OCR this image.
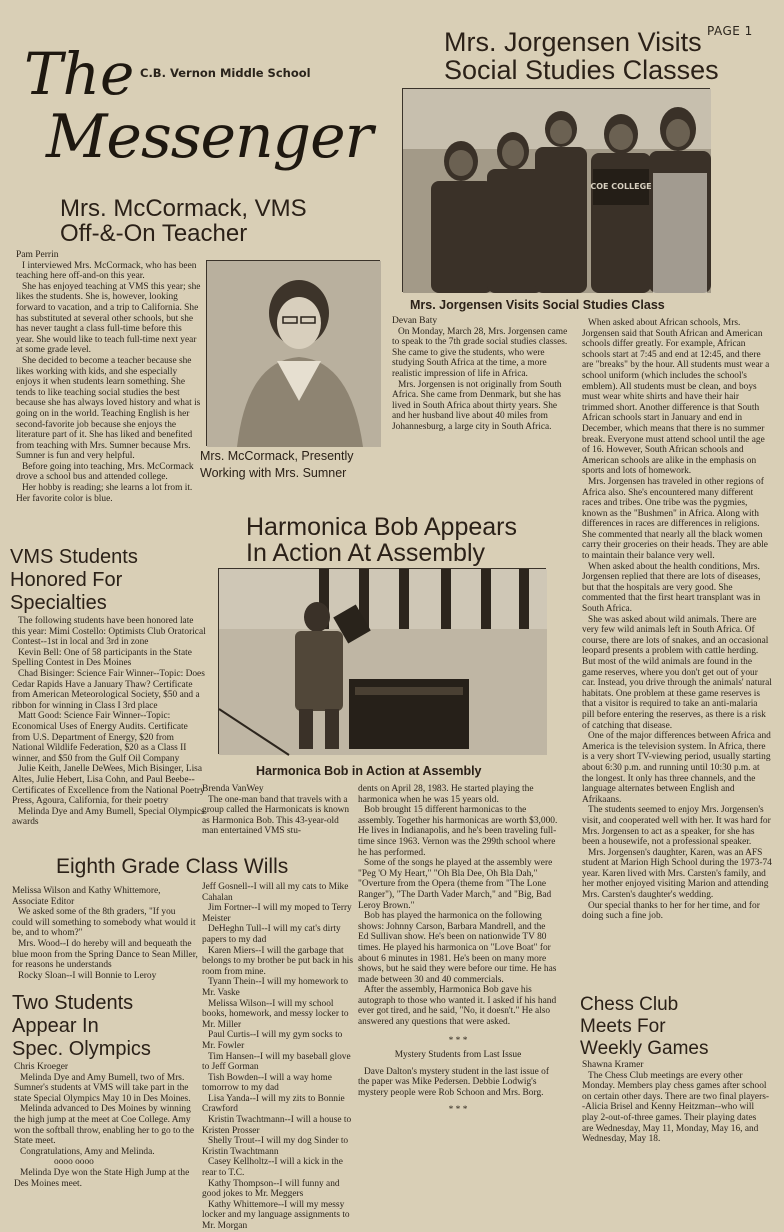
PAGE 1
The C.B. Vernon Middle School
Messenger
Mrs. Jorgensen Visits
Social Studies Classes
COE COLLEGE
Mrs. Jorgensen Visits Social Studies Class
Mrs. McCormack, VMS
Off-&-On Teacher

Pam Perrin

I interviewed Mrs. McCormack, who has been teaching here off-and-on this year.

She has enjoyed teaching at VMS this year; she likes the students. She is, however, looking forward to vacation, and a trip to California. She has substituted at several other schools, but she has never taught a class full-time before this year. She would like to teach full-time next year at some grade level.

She decided to become a teacher because she likes working with kids, and she especially enjoys it when students learn something. She tends to like teaching social studies the best because she has always loved history and what is going on in the world. Teaching English is her second-favorite job because she enjoys the literature part of it. She has liked and benefited from teaching with Mrs. Sumner because Mrs. Sumner is fun and very helpful.

Before going into teaching, Mrs. McCormack drove a school bus and attended college.

Her hobby is reading; she learns a lot from it. Her favorite color is blue.

Mrs. McCormack, Presently
Working with Mrs. Sumner

Devan Baty

On Monday, March 28, Mrs. Jorgensen came to speak to the 7th grade social studies classes. She came to give the students, who were studying South Africa at the time, a more realistic impression of life in Africa.

Mrs. Jorgensen is not originally from South Africa. She came from Denmark, but she has lived in South Africa about thirty years. She and her husband live about 40 miles from Johannesburg, a large city in South Africa.

When asked about African schools, Mrs. Jorgensen said that South African and American schools differ greatly. For example, African schools start at 7:45 and end at 12:45, and there are "breaks" by the hour. All students must wear a school uniform (which includes the school's emblem). All students must be clean, and boys must wear white shirts and have their hair trimmed short. Another difference is that South African schools start in January and end in December, which means that there is no summer break. Everyone must attend school until the age of 16. However, South African schools and American schools are alike in the emphasis on sports and lots of homework.

Mrs. Jorgensen has traveled in other regions of Africa also. She's encountered many different races and tribes. One tribe was the pygmies, known as the "Bushmen" in Africa. Along with differences in races are differences in religions. She commented that nearly all the black women carry their groceries on their heads. They are able to maintain their balance very well.

When asked about the health conditions, Mrs. Jorgensen replied that there are lots of diseases, but that the hospitals are very good. She commented that the first heart transplant was in South Africa.

She was asked about wild animals. There are very few wild animals left in South Africa. Of course, there are lots of snakes, and an occasional leopard presents a problem with cattle herding. But most of the wild animals are found in the game reserves, where you don't get out of your car. Instead, you drive through the animals' natural habitats. One problem at these game reserves is that a visitor is required to take an anti-malaria pill before entering the reserves, as there is a risk of catching that disease.

One of the major differences between Africa and America is the television system. In Africa, there is a very short TV-viewing period, usually starting about 6:30 p.m. and running until 10:30 p.m. at the longest. It only has three channels, and the language alternates between English and Afrikaans.

The students seemed to enjoy Mrs. Jorgensen's visit, and cooperated well with her. It was hard for Mrs. Jorgensen to act as a speaker, for she has been a housewife, not a professional speaker.

Mrs. Jorgensen's daughter, Karen, was an AFS student at Marion High School during the 1973-74 year. Karen lived with Mrs. Carsten's family, and her mother enjoyed visiting Marion and attending Mrs. Carsten's daughter's wedding.

Our special thanks to her for her time, and for doing such a fine job.

Harmonica Bob Appears
In Action At Assembly
VMS Students
Honored For
Specialties

The following students have been honored late this year: Mimi Costello: Optimists Club Oratorical Contest--1st in local and 3rd in zone

Kevin Bell: One of 58 participants in the State Spelling Contest in Des Moines

Chad Bisinger: Science Fair Winner--Topic: Does Cedar Rapids Have a January Thaw? Certificate from American Meteorological Society, $50 and a ribbon for winning in Class I 3rd place

Matt Good: Science Fair Winner--Topic: Economical Uses of Energy Audits. Certificate from U.S. Department of Energy, $20 from National Wildlife Federation, $20 as a Class II winner, and $50 from the Gulf Oil Company

Julie Keith, Janelle DeWees, Mich Bisinger, Lisa Altes, Julie Hebert, Lisa Cohn, and Paul Beebe--Certificates of Excellence from the National Poetry Press, Agoura, California, for their poetry

Melinda Dye and Amy Bumell, Special Olympics awards

Harmonica Bob in Action at Assembly

Brenda VanWey

The one-man band that travels with a group called the Harmonicats is known as Harmonica Bob. This 43-year-old man entertained VMS stu-

dents on April 28, 1983. He started playing the harmonica when he was 15 years old.

Bob brought 15 different harmonicas to the assembly. Together his harmonicas are worth $3,000. He lives in Indianapolis, and he's been traveling full-time since 1963. Vernon was the 299th school where he has performed.

Some of the songs he played at the assembly were "Peg 'O My Heart," "Oh Bla Dee, Oh Bla Dah," "Overture from the Opera (theme from "The Lone Ranger"), "The Darth Vader March," and "Big, Bad Leroy Brown."

Bob has played the harmonica on the following shows: Johnny Carson, Barbara Mandrell, and the Ed Sullivan show. He's been on nationwide TV 80 times. He played his harmonica on "Love Boat" for about 6 minutes in 1981. He's been on many more shows, but he said they were before our time. He has made between 30 and 40 commercials.

After the assembly, Harmonica Bob gave his autograph to those who wanted it. I asked if his hand ever got tired, and he said, "No, it doesn't." He also answered any questions that were asked.

* * *
Mystery Students from Last Issue

Dave Dalton's mystery student in the last issue of the paper was Mike Pedersen. Debbie Lodwig's mystery people were Rob Schoon and Mrs. Borg.

* * *
Eighth Grade Class Wills

Melissa Wilson and Kathy Whittemore, Associate Editor

We asked some of the 8th graders, "If you could will something to somebody what would it be, and to whom?"

Mrs. Wood--I do hereby will and bequeath the blue moon from the Spring Dance to Sean Miller, for reasons he understands

Rocky Sloan--I will Bonnie to Leroy

Jeff Gosnell--I will all my cats to Mike Cahalan

Jim Fortner--I will my moped to Terry Meister

DeHeghn Tull--I will my cat's dirty papers to my dad

Karen Miers--I will the garbage that belongs to my brother be put back in his room from mine.

Tyann Thein--I will my homework to Mr. Vaske

Melissa Wilson--I will my school books, homework, and messy locker to Mr. Miller

Paul Curtis--I will my gym socks to Mr. Fowler

Tim Hansen--I will my baseball glove to Jeff Gorman

Tish Bowden--I will a way home tomorrow to my dad

Lisa Yanda--I will my zits to Bonnie Crawford

Kristin Twachtmann--I will a house to Kristen Prosser

Shelly Trout--I will my dog Sinder to Kristin Twachtmann

Casey Kellholtz--I will a kick in the rear to T.C.

Kathy Thompson--I will funny and good jokes to Mr. Meggers

Kathy Whittemore--I will my messy locker and my language assignments to Mr. Morgan

Two Students
Appear In
Spec. Olympics

Chris Kroeger

Melinda Dye and Amy Bumell, two of Mrs. Sumner's students at VMS will take part in the state Special Olympics May 10 in Des Moines.

Melinda advanced to Des Moines by winning the high jump at the meet at Coe College. Amy won the softball throw, enabling her to go to the State meet.

Congratulations, Amy and Melinda.

oooo oooo

Melinda Dye won the State High Jump at the Des Moines meet.

Chess Club
Meets For
Weekly Games

Shawna Kramer

The Chess Club meetings are every other Monday. Members play chess games after school on certain other days. There are two final players--Alicia Brisel and Kenny Heitzman--who will play 2-out-of-three games. Their playing dates are Wednesday, May 11, Monday, May 16, and Wednesday, May 18.
